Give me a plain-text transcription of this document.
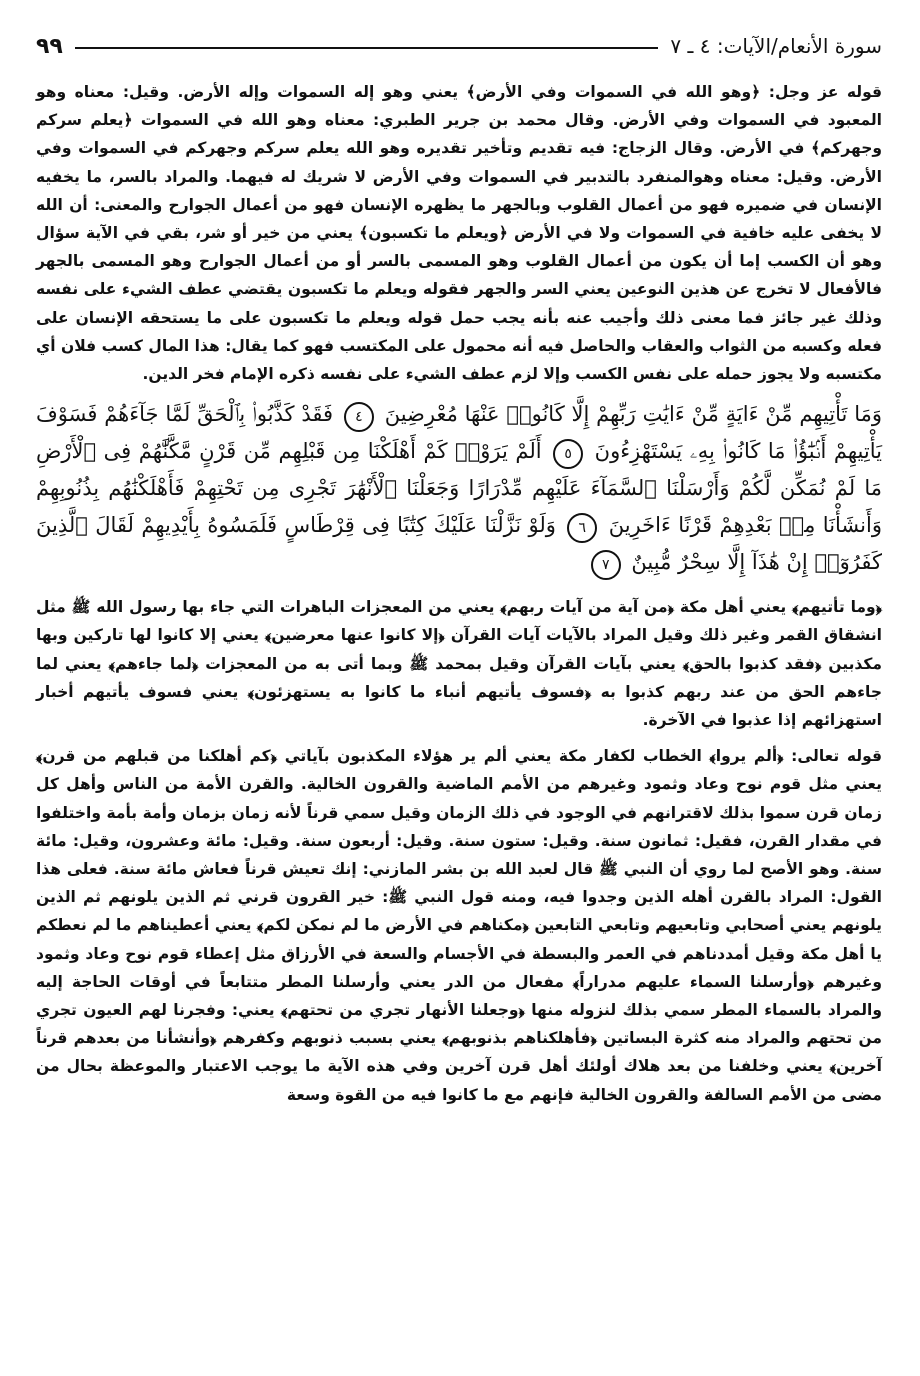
سورة الأنعام/الآيات: ٤ ـ ٧
٩٩

قوله عز وجل: ﴿وهو الله في السموات وفي الأرض﴾ يعني وهو إله السموات وإله الأرض. وقيل: معناه وهو المعبود في السموات وفي الأرض. وقال محمد بن جرير الطبري: معناه وهو الله في السموات ﴿يعلم سركم وجهركم﴾ في الأرض. وقال الزجاج: فيه تقديم وتأخير تقديره وهو الله يعلم سركم وجهركم في السموات وفي الأرض. وقيل: معناه وهوالمنفرد بالتدبير في السموات وفي الأرض لا شريك له فيهما. والمراد بالسر، ما يخفيه الإنسان في ضميره فهو من أعمال القلوب وبالجهر ما يظهره الإنسان فهو من أعمال الجوارح والمعنى: أن الله لا يخفى عليه خافية في السموات ولا في الأرض ﴿ويعلم ما تكسبون﴾ يعني من خير أو شر، بقي في الآية سؤال وهو أن الكسب إما أن يكون من أعمال القلوب وهو المسمى بالسر أو من أعمال الجوارح وهو المسمى بالجهر فالأفعال لا تخرج عن هذين النوعين يعني السر والجهر فقوله ويعلم ما تكسبون يقتضي عطف الشيء على نفسه وذلك غير جائز فما معنى ذلك وأجيب عنه بأنه يجب حمل قوله ويعلم ما تكسبون على ما يستحقه الإنسان على فعله وكسبه من الثواب والعقاب والحاصل فيه أنه محمول على المكتسب فهو كما يقال: هذا المال كسب فلان أي مكتسبه ولا يجوز حمله على نفس الكسب وإلا لزم عطف الشيء على نفسه ذكره الإمام فخر الدين.

وَمَا تَأْتِيهِم مِّنْ ءَايَةٍ مِّنْ ءَايَٰتِ رَبِّهِمْ إِلَّا كَانُوا۟ عَنْهَا مُعْرِضِينَ ٤ فَقَدْ كَذَّبُوا۟ بِٱلْحَقِّ لَمَّا جَآءَهُمْ فَسَوْفَ يَأْتِيهِمْ أَنۢبَٰٓؤُا۟ مَا كَانُوا۟ بِهِۦ يَسْتَهْزِءُونَ ٥ أَلَمْ يَرَوْا۟ كَمْ أَهْلَكْنَا مِن قَبْلِهِم مِّن قَرْنٍ مَّكَّنَّٰهُمْ فِى ٱلْأَرْضِ مَا لَمْ نُمَكِّن لَّكُمْ وَأَرْسَلْنَا ٱلسَّمَآءَ عَلَيْهِم مِّدْرَارًا وَجَعَلْنَا ٱلْأَنْهَٰرَ تَجْرِى مِن تَحْتِهِمْ فَأَهْلَكْنَٰهُم بِذُنُوبِهِمْ وَأَنشَأْنَا مِنۢ بَعْدِهِمْ قَرْنًا ءَاخَرِينَ ٦ وَلَوْ نَزَّلْنَا عَلَيْكَ كِتَٰبًا فِى قِرْطَاسٍ فَلَمَسُوهُ بِأَيْدِيهِمْ لَقَالَ ٱلَّذِينَ كَفَرُوٓا۟ إِنْ هَٰذَآ إِلَّا سِحْرٌ مُّبِينٌ ٧

﴿وما تأتيهم﴾ يعني أهل مكة ﴿من آية من آيات ربهم﴾ يعني من المعجزات الباهرات التي جاء بها رسول الله ﷺ مثل انشقاق القمر وغير ذلك وقيل المراد بالآيات آيات القرآن ﴿إلا كانوا عنها معرضين﴾ يعني إلا كانوا لها تاركين وبها مكذبين ﴿فقد كذبوا بالحق﴾ يعني بآيات القرآن وقيل بمحمد ﷺ وبما أتى به من المعجزات ﴿لما جاءهم﴾ يعني لما جاءهم الحق من عند ربهم كذبوا به ﴿فسوف يأتيهم أنباء ما كانوا به يستهزئون﴾ يعني فسوف يأتيهم أخبار استهزائهم إذا عذبوا في الآخرة.

قوله تعالى: ﴿ألم يروا﴾ الخطاب لكفار مكة يعني ألم ير هؤلاء المكذبون بآياتي ﴿كم أهلكنا من قبلهم من قرن﴾ يعني مثل قوم نوح وعاد وثمود وغيرهم من الأمم الماضية والقرون الخالية. والقرن الأمة من الناس وأهل كل زمان قرن سموا بذلك لاقترانهم في الوجود في ذلك الزمان وقيل سمي قرناً لأنه زمان بزمان وأمة بأمة واختلفوا في مقدار القرن، فقيل: ثمانون سنة. وقيل: ستون سنة. وقيل: أربعون سنة. وقيل: مائة وعشرون، وقيل: مائة سنة. وهو الأصح لما روي أن النبي ﷺ قال لعبد الله بن بشر المازني: إنك تعيش قرناً فعاش مائة سنة. فعلى هذا القول: المراد بالقرن أهله الذين وجدوا فيه، ومنه قول النبي ﷺ: خير القرون قرني ثم الذين يلونهم ثم الذين يلونهم يعني أصحابي وتابعيهم وتابعي التابعين ﴿مكناهم في الأرض ما لم نمكن لكم﴾ يعني أعطيناهم ما لم نعطكم يا أهل مكة وقيل أمددناهم في العمر والبسطة في الأجسام والسعة في الأرزاق مثل إعطاء قوم نوح وعاد وثمود وغيرهم ﴿وأرسلنا السماء عليهم مدراراً﴾ مفعال من الدر يعني وأرسلنا المطر متتابعاً في أوقات الحاجة إليه والمراد بالسماء المطر سمي بذلك لنزوله منها ﴿وجعلنا الأنهار تجري من تحتهم﴾ يعني: وفجرنا لهم العيون تجري من تحتهم والمراد منه كثرة البساتين ﴿فأهلكناهم بذنوبهم﴾ يعني بسبب ذنوبهم وكفرهم ﴿وأنشأنا من بعدهم قرناً آخرين﴾ يعني وخلفنا من بعد هلاك أولئك أهل قرن آخرين وفي هذه الآية ما يوجب الاعتبار والموعظة بحال من مضى من الأمم السالفة والقرون الخالية فإنهم مع ما كانوا فيه من القوة وسعة
